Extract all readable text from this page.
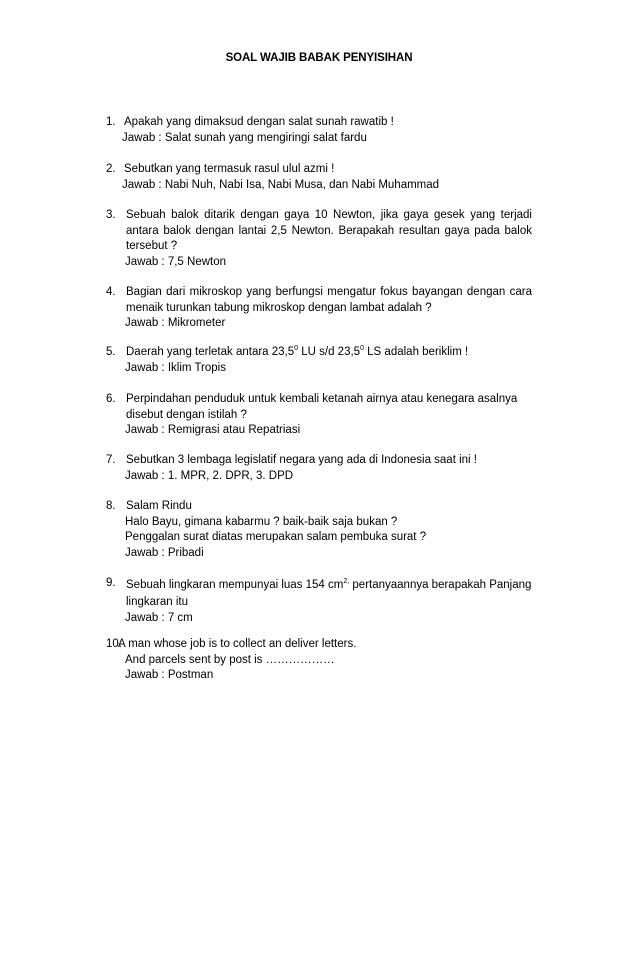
SOAL WAJIB BABAK PENYISIHAN
1. Apakah yang dimaksud dengan salat sunah rawatib !
Jawab : Salat sunah yang mengiringi salat fardu
2. Sebutkan yang termasuk rasul ulul azmi !
Jawab : Nabi Nuh, Nabi Isa, Nabi Musa, dan Nabi Muhammad
3. Sebuah balok ditarik dengan gaya 10 Newton, jika gaya gesek yang terjadi antara balok dengan lantai 2,5 Newton. Berapakah resultan gaya pada balok tersebut ?
Jawab : 7,5 Newton
4. Bagian dari mikroskop yang berfungsi mengatur fokus bayangan dengan cara menaik turunkan tabung mikroskop dengan lambat adalah ?
Jawab : Mikrometer
5. Daerah yang terletak antara 23,5$^0$ LU s/d 23,5$^0$ LS adalah beriklim !
Jawab : Iklim Tropis
6. Perpindahan penduduk untuk kembali ketanah airnya atau kenegara asalnya disebut dengan istilah ?
Jawab : Remigrasi atau Repatriasi
7. Sebutkan 3 lembaga legislatif negara yang ada di Indonesia saat ini !
Jawab : 1. MPR, 2. DPR, 3. DPD
8. Salam Rindu
Halo Bayu, gimana kabarmu ? baik-baik saja bukan ?
Penggalan surat diatas merupakan salam pembuka surat ?
Jawab : Pribadi
9. Sebuah lingkaran mempunyai luas 154 $cm^{2,}$ pertanyaannya berapakah Panjang
lingkaran itu
Jawab : 7 cm
10.
A man whose job is to collect an deliver letters.
And parcels sent by post is ………………
Jawab : Postman
